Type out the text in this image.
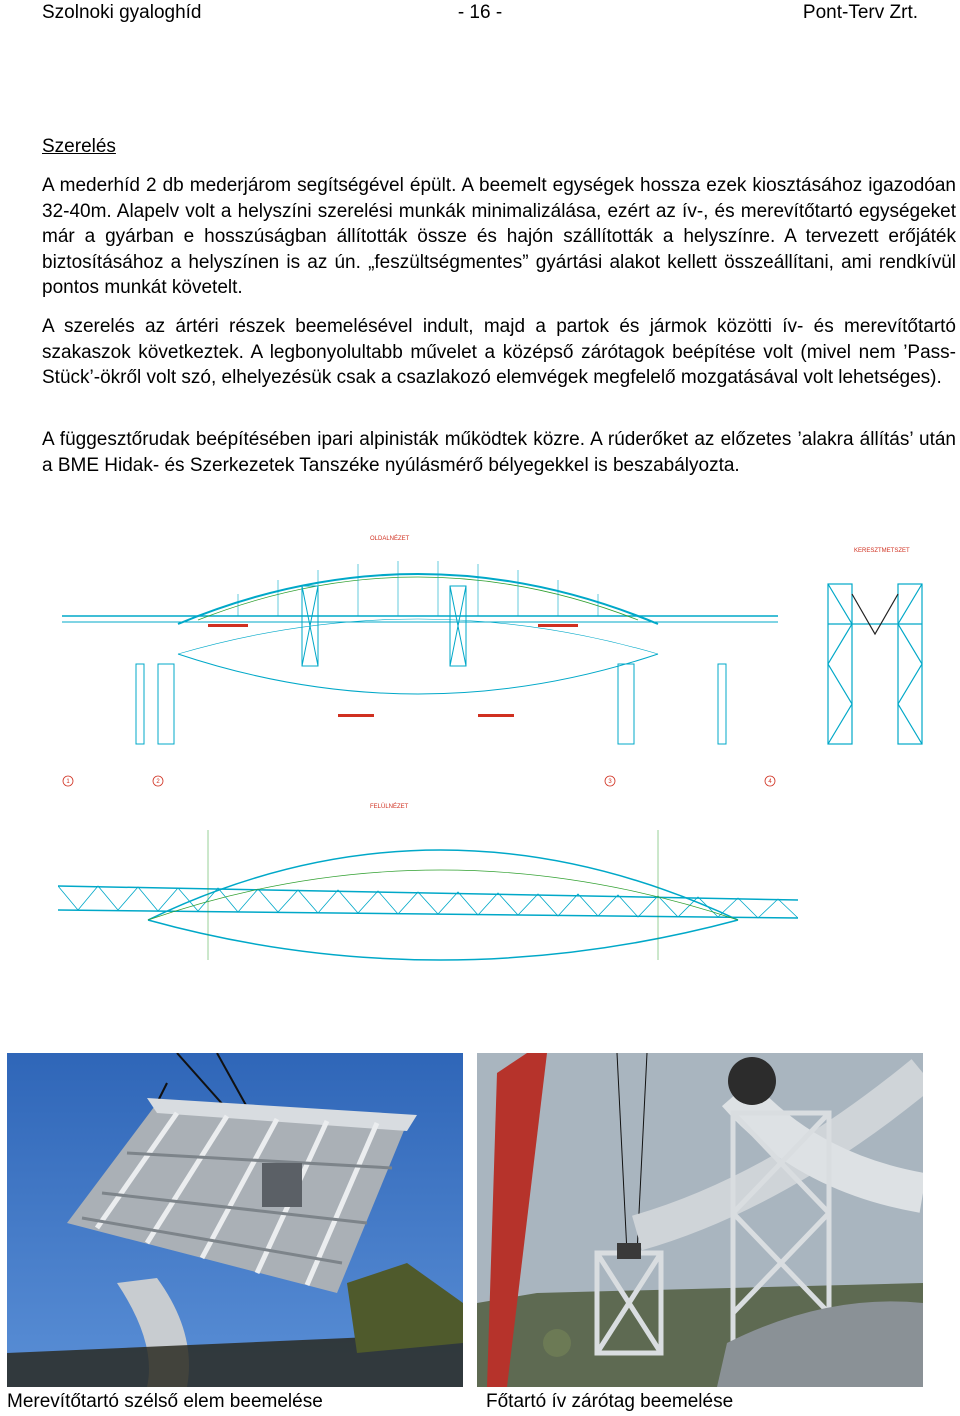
Szolnoki gyaloghíd	- 16 -	Pont-Terv Zrt.
Szerelés

A mederhíd 2 db mederjárom segítségével épült. A beemelt egységek hossza ezek kiosztásához igazodóan 32-40m. Alapelv volt a helyszíni szerelési munkák minimalizálása, ezért az ív-, és merevítőtartó egységeket már a gyárban e hosszúságban állították össze és hajón szállították a helyszínre. A tervezett erőjáték biztosításához a helyszínen is az ún. „feszültségmentes” gyártási alakot kellett összeállítani, ami rendkívül pontos munkát követelt.

A szerelés az ártéri részek beemelésével indult, majd a partok és jármok közötti ív- és merevítőtartó szakaszok következtek. A legbonyolultabb művelet a középső zárótagok beépítése volt (mivel nem ’Pass-Stück’-ökről volt szó, elhelyezésük csak a csazlakozó elemvégek megfelelő mozgatásával volt lehetséges).

A függesztőrudak beépítésében ipari alpinisták működtek közre. A rúderőket az előzetes ’alakra állítás’ után a BME Hidak- és Szerkezetek Tanszéke nyúlásmérő bélyegekkel is beszabályozta.

OLDALNÉZET
KERESZTMETSZET
1	2	3	4
FELÜLNÉZET
Merevítőtartó szélső elem beemelése	Főtartó ív zárótag beemelése
